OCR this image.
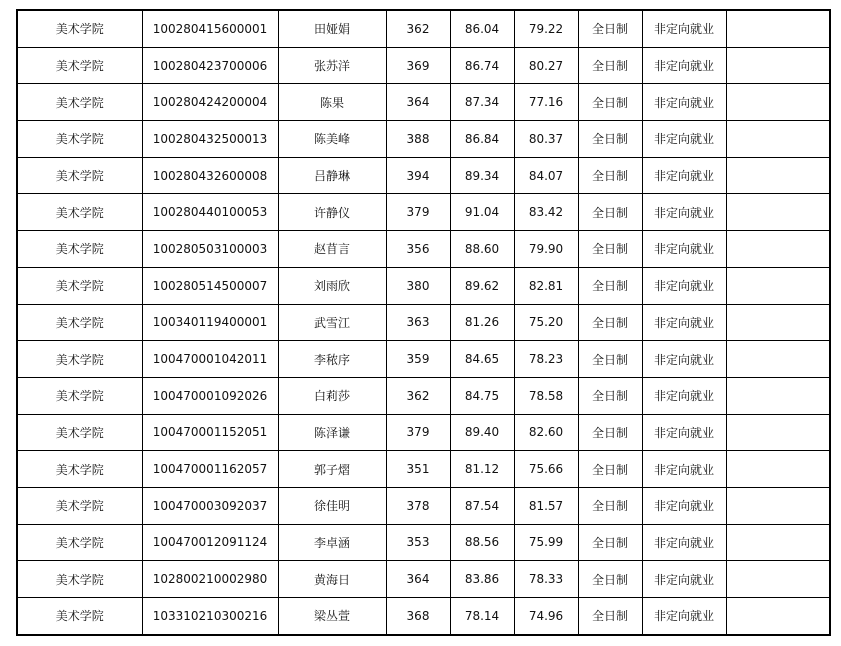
美术学院	100280415600001	田娅娟	362	86.04	79.22	全日制	非定向就业	
美术学院	100280423700006	张苏洋	369	86.74	80.27	全日制	非定向就业	
美术学院	100280424200004	陈果	364	87.34	77.16	全日制	非定向就业	
美术学院	100280432500013	陈美峰	388	86.84	80.37	全日制	非定向就业	
美术学院	100280432600008	吕静琳	394	89.34	84.07	全日制	非定向就业	
美术学院	100280440100053	许静仪	379	91.04	83.42	全日制	非定向就业	
美术学院	100280503100003	赵苜言	356	88.60	79.90	全日制	非定向就业	
美术学院	100280514500007	刘雨欣	380	89.62	82.81	全日制	非定向就业	
美术学院	100340119400001	武雪江	363	81.26	75.20	全日制	非定向就业	
美术学院	100470001042011	李秾序	359	84.65	78.23	全日制	非定向就业	
美术学院	100470001092026	白莉莎	362	84.75	78.58	全日制	非定向就业	
美术学院	100470001152051	陈泽谦	379	89.40	82.60	全日制	非定向就业	
美术学院	100470001162057	郭子熠	351	81.12	75.66	全日制	非定向就业	
美术学院	100470003092037	徐佳明	378	87.54	81.57	全日制	非定向就业	
美术学院	100470012091124	李卓涵	353	88.56	75.99	全日制	非定向就业	
美术学院	102800210002980	黄海日	364	83.86	78.33	全日制	非定向就业	
美术学院	103310210300216	梁丛萱	368	78.14	74.96	全日制	非定向就业	
